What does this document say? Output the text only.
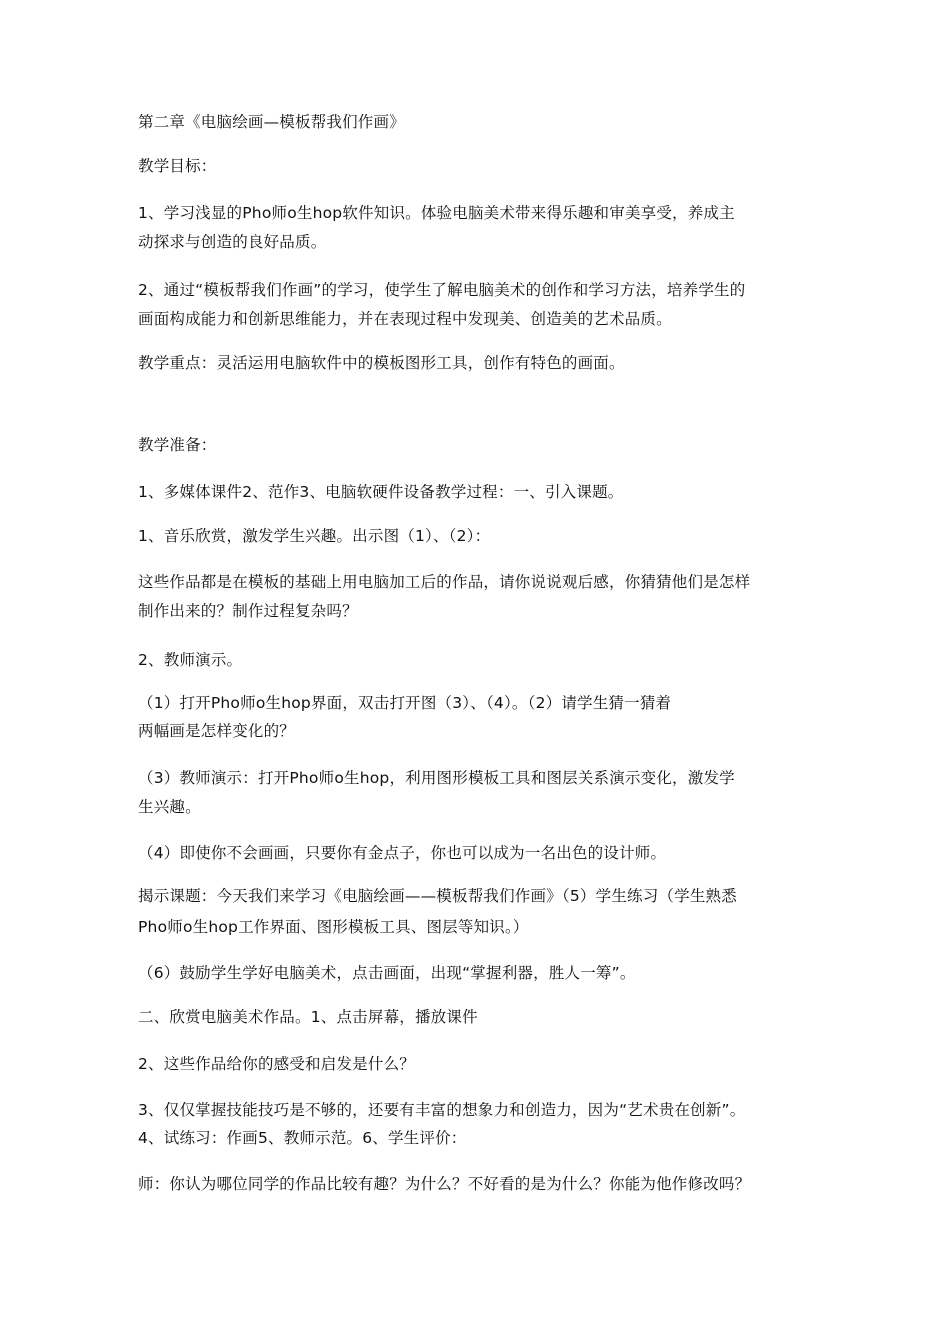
第二章《电脑绘画—模板帮我们作画》
教学目标：
1、学习浅显的Pho师o生hop软件知识。体验电脑美术带来得乐趣和审美享受，养成主
动探求与创造的良好品质。
2、通过“模板帮我们作画”的学习，使学生了解电脑美术的创作和学习方法，培养学生的
画面构成能力和创新思维能力，并在表现过程中发现美、创造美的艺术品质。
教学重点：灵活运用电脑软件中的模板图形工具，创作有特色的画面。
教学准备：
1、多媒体课件2、范作3、电脑软硬件设备教学过程：一、引入课题。
1、音乐欣赏，激发学生兴趣。出示图（1）、（2）：
这些作品都是在模板的基础上用电脑加工后的作品，请你说说观后感，你猜猜他们是怎样
制作出来的？制作过程复杂吗？
2、教师演示。
（1）打开Pho师o生hop界面，双击打开图（3）、（4）。（2）请学生猜一猜着
两幅画是怎样变化的？
（3）教师演示：打开Pho师o生hop，利用图形模板工具和图层关系演示变化，激发学
生兴趣。
（4）即使你不会画画，只要你有金点子，你也可以成为一名出色的设计师。
揭示课题：今天我们来学习《电脑绘画——模板帮我们作画》（5）学生练习（学生熟悉
Pho师o生hop工作界面、图形模板工具、图层等知识。）
（6）鼓励学生学好电脑美术，点击画面，出现“掌握利器，胜人一筹”。
二、欣赏电脑美术作品。1、点击屏幕，播放课件
2、这些作品给你的感受和启发是什么？
3、仅仅掌握技能技巧是不够的，还要有丰富的想象力和创造力，因为“艺术贵在创新”。
4、试练习：作画5、教师示范。6、学生评价：
师：你认为哪位同学的作品比较有趣？为什么？不好看的是为什么？你能为他作修改吗？
